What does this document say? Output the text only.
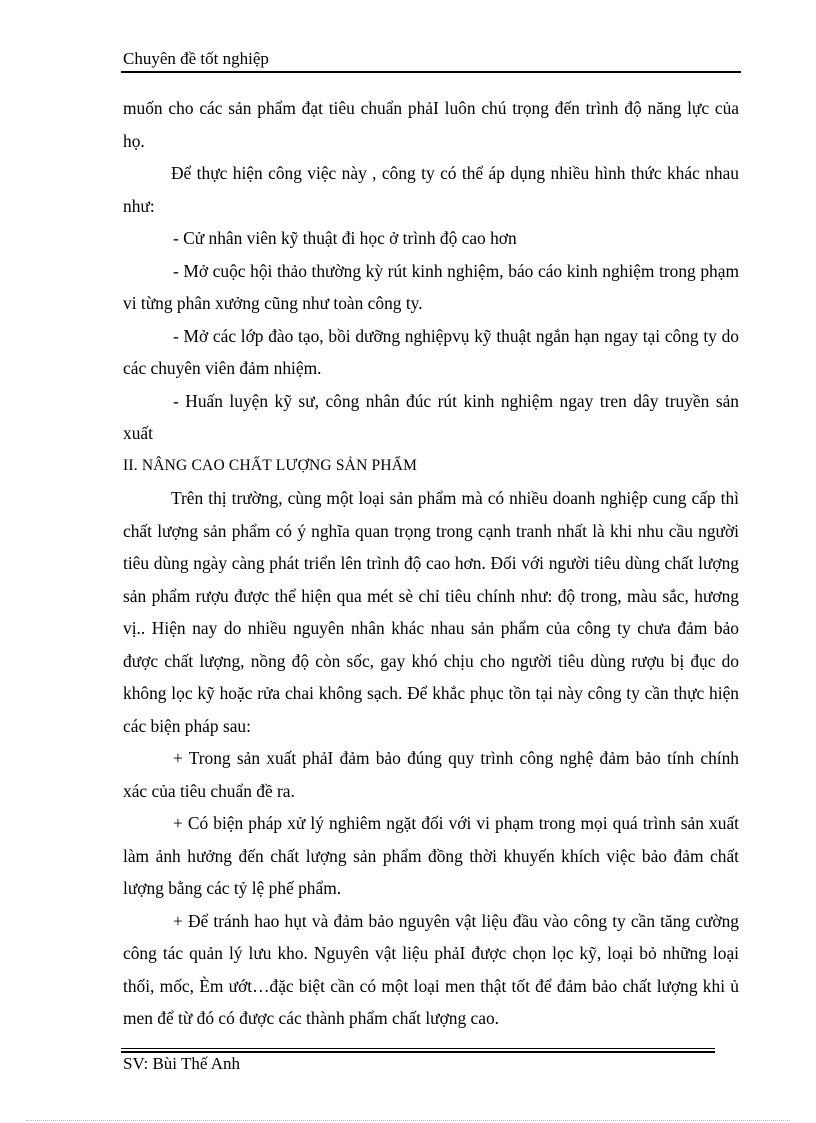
Chuyên đề tốt nghiệp

muốn cho các sản phẩm đạt tiêu chuẩn phảI luôn chú trọng đến trình độ năng lực của họ.

Để thực hiện công việc này , công ty có thể áp dụng nhiều hình thức khác nhau như:

- Cử nhân viên kỹ thuật đi học ở trình độ cao hơn

- Mở cuộc hội thảo thường kỳ rút kinh nghiệm, báo cáo kinh nghiệm trong phạm vi từng phân xưởng cũng như toàn công ty.

- Mở các lớp đào tạo, bồi dưỡng nghiệpvụ kỹ thuật ngắn hạn ngay tại công ty do các chuyên viên đảm nhiệm.

- Huấn luyện kỹ sư, công nhân đúc rút kinh nghiệm ngay tren dây truyền sản xuất

II. NÂNG CAO CHẤT LƯỢNG SẢN PHẨM

Trên thị trường, cùng một loại sản phẩm mà có nhiều doanh nghiệp cung cấp thì chất lượng sản phẩm có ý nghĩa quan trọng trong cạnh tranh nhất là khi nhu cầu người tiêu dùng ngày càng phát triển lên trình độ cao hơn. Đối với người tiêu dùng chất lượng sản phẩm rượu được thể hiện qua mét sè chỉ tiêu chính như: độ trong, màu sắc, hương vị.. Hiện nay do nhiều nguyên nhân khác nhau sản phẩm của công ty chưa đảm bảo được chất lượng, nồng độ còn sốc, gay khó chịu cho người tiêu dùng rượu bị đục do không lọc kỹ hoặc rửa chai không sạch. Để khắc phục tồn tại này công ty cần thực hiện các biện pháp sau:

+ Trong sản xuất phảI đảm bảo đúng quy trình công nghệ đảm bảo tính chính xác của tiêu chuẩn đề ra.

+ Có biện pháp xử lý nghiêm ngặt đối với vi phạm trong mọi quá trình sản xuất làm ảnh hưởng đến chất lượng sản phẩm đồng thời khuyến khích việc bảo đảm chất lượng bằng các tỷ lệ phế phẩm.

+ Để tránh hao hụt và đảm bảo nguyên vật liệu đầu vào công ty cần tăng cường công tác quản lý lưu kho. Nguyên vật liệu phảI được chọn lọc kỹ, loại bỏ những loại thối, mốc, Èm ướt…đặc biệt cần có một loại men thật tốt để đảm bảo chất lượng khi ủ men để từ đó có được các thành phẩm chất lượng cao.

SV: Bùi Thế Anh
